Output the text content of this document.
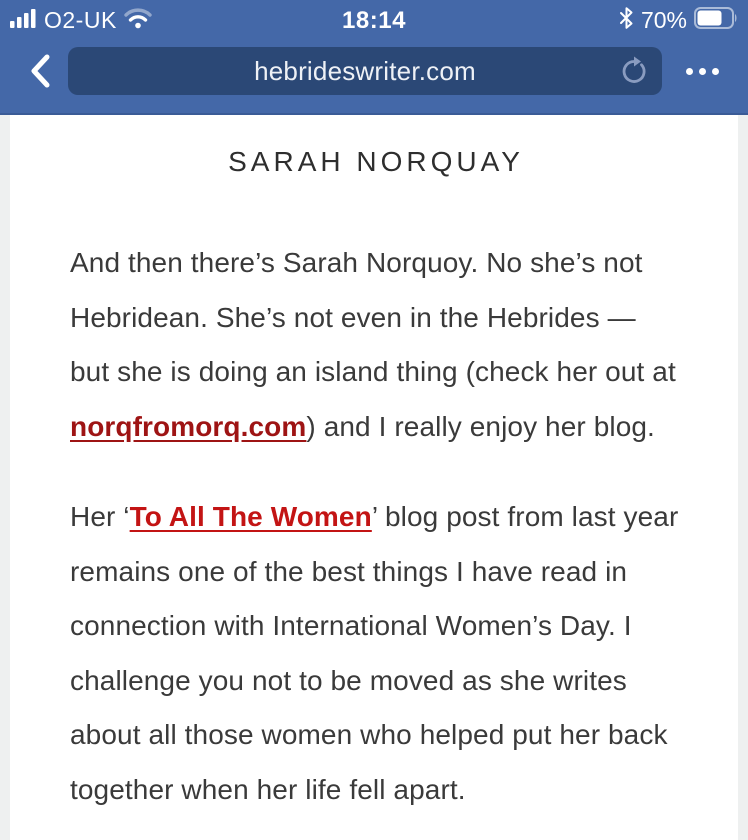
O2-UK	18:14	70%
hebrideswriter.com
SARAH NORQUAY

And then there’s Sarah Norquoy. No she’s not Hebridean. She’s not even in the Hebrides — but she is doing an island thing (check her out at norqfromorq.com) and I really enjoy her blog.

Her ‘To All The Women’ blog post from last year remains one of the best things I have read in connection with International Women’s Day. I challenge you not to be moved as she writes about all those women who helped put her back together when her life fell apart.
